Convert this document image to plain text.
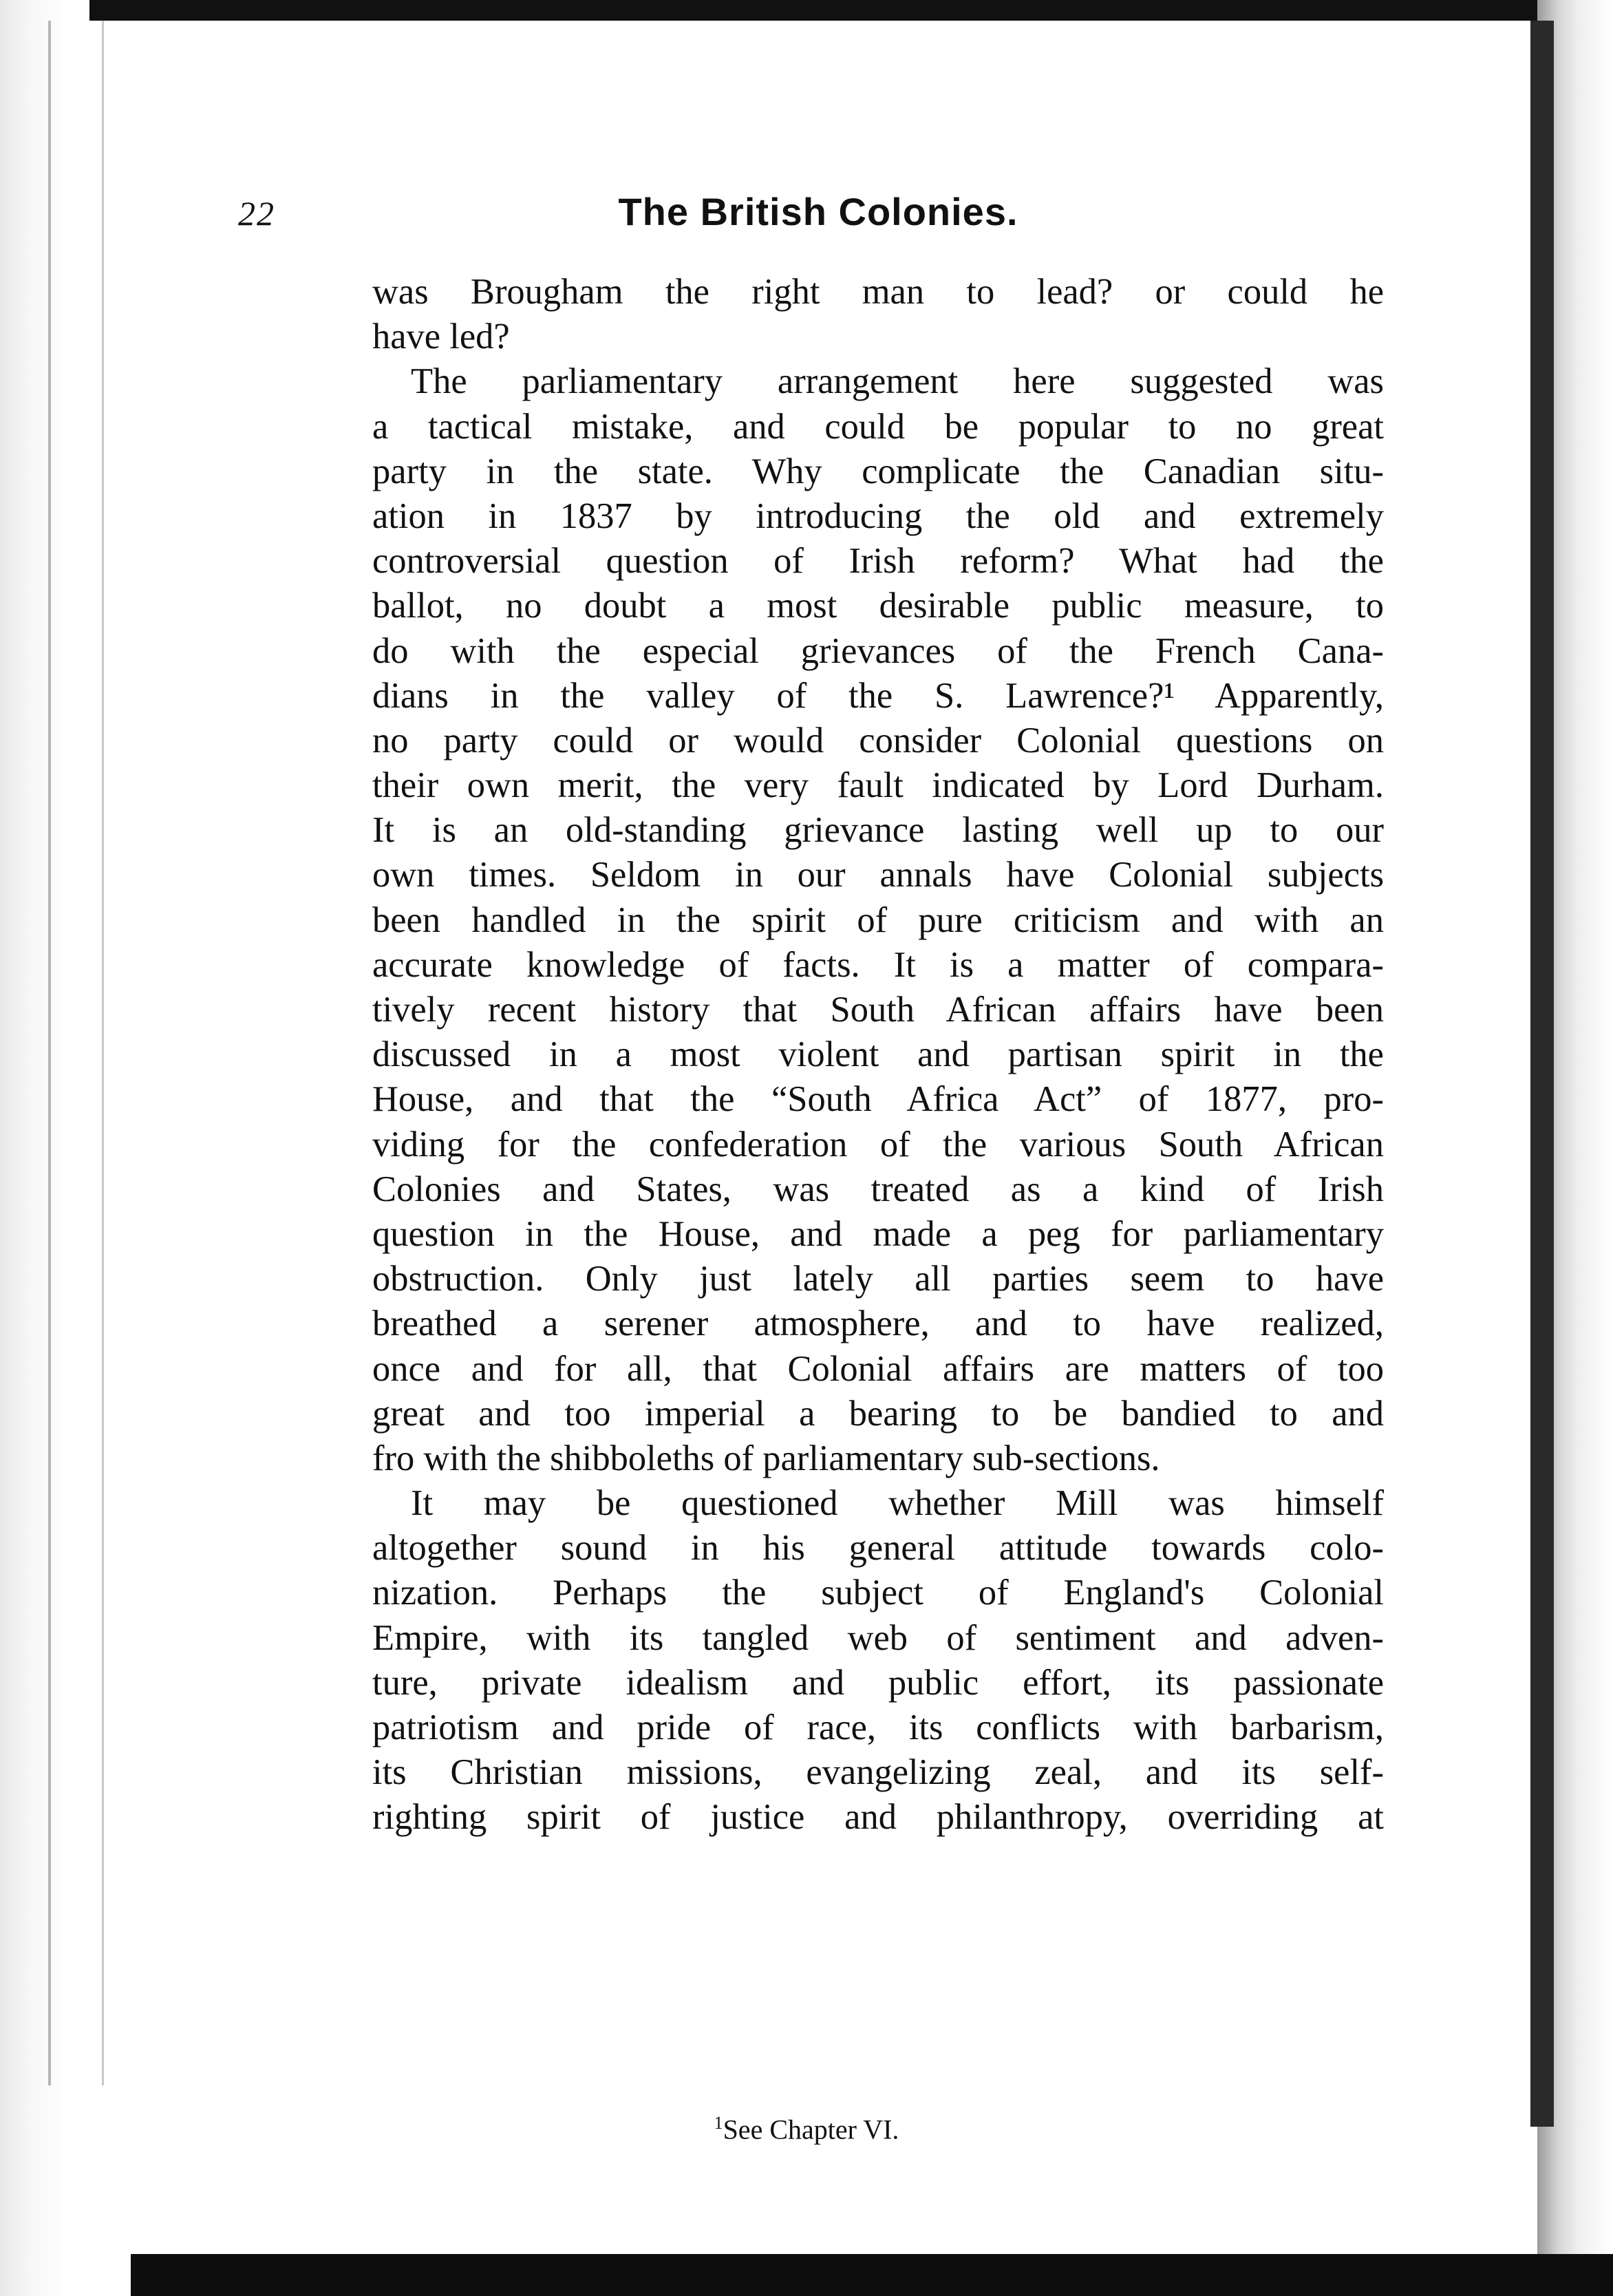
22	The British Colonies.
was Brougham the right man to lead? or could he
have led?
The parliamentary arrangement here suggested was
a tactical mistake, and could be popular to no great
party in the state. Why complicate the Canadian situ-
ation in 1837 by introducing the old and extremely
controversial question of Irish reform? What had the
ballot, no doubt a most desirable public measure, to
do with the especial grievances of the French Cana-
dians in the valley of the S. Lawrence?¹ Apparently,
no party could or would consider Colonial questions on
their own merit, the very fault indicated by Lord Durham.
It is an old-standing grievance lasting well up to our
own times. Seldom in our annals have Colonial subjects
been handled in the spirit of pure criticism and with an
accurate knowledge of facts. It is a matter of compara-
tively recent history that South African affairs have been
discussed in a most violent and partisan spirit in the
House, and that the “South Africa Act” of 1877, pro-
viding for the confederation of the various South African
Colonies and States, was treated as a kind of Irish
question in the House, and made a peg for parliamentary
obstruction. Only just lately all parties seem to have
breathed a serener atmosphere, and to have realized,
once and for all, that Colonial affairs are matters of too
great and too imperial a bearing to be bandied to and
fro with the shibboleths of parliamentary sub-sections.
It may be questioned whether Mill was himself
altogether sound in his general attitude towards colo-
nization. Perhaps the subject of England's Colonial
Empire, with its tangled web of sentiment and adven-
ture, private idealism and public effort, its passionate
patriotism and pride of race, its conflicts with barbarism,
its Christian missions, evangelizing zeal, and its self-
righting spirit of justice and philanthropy, overriding at
$^1$See Chapter VI.
